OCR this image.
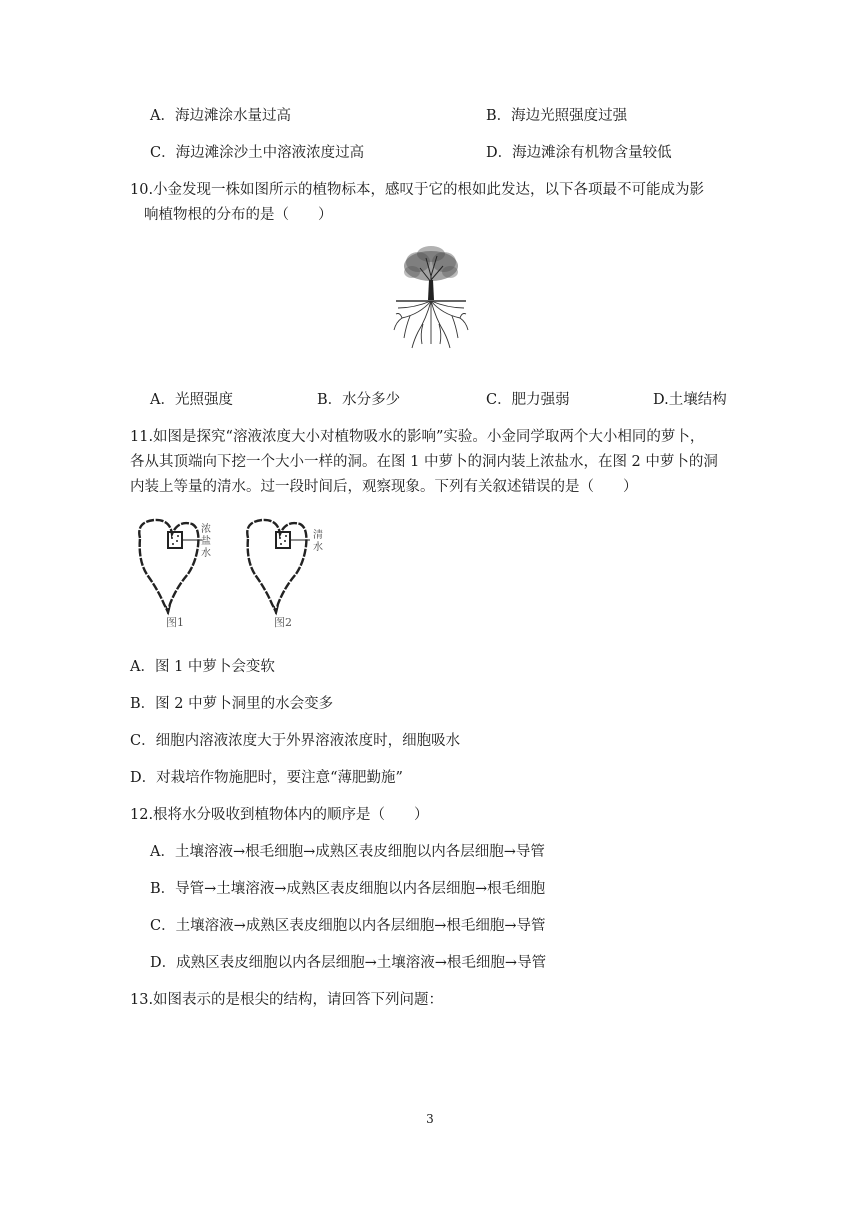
A．海边滩涂水量过高	B．海边光照强度过强
C．海边滩涂沙土中溶液浓度过高	D．海边滩涂有机物含量较低
10.小金发现一株如图所示的植物标本，感叹于它的根如此发达，以下各项最不可能成为影
响植物根的分布的是（　　）
A．光照强度	B．水分多少	C．肥力强弱	D.土壤结构
11.如图是探究“溶液浓度大小对植物吸水的影响”实验。小金同学取两个大小相同的萝卜，
各从其顶端向下挖一个大小一样的洞。在图 1 中萝卜的洞内装上浓盐水，在图 2 中萝卜的洞
内装上等量的清水。过一段时间后，观察现象。下列有关叙述错误的是（　　）
图1
浓盐水
图2
清水
A．图 1 中萝卜会变软
B．图 2 中萝卜洞里的水会变多
C．细胞内溶液浓度大于外界溶液浓度时，细胞吸水
D．对栽培作物施肥时，要注意“薄肥勤施”
12.根将水分吸收到植物体内的顺序是（　　）
A．土壤溶液→根毛细胞→成熟区表皮细胞以内各层细胞→导管
B．导管→土壤溶液→成熟区表皮细胞以内各层细胞→根毛细胞
C．土壤溶液→成熟区表皮细胞以内各层细胞→根毛细胞→导管
D．成熟区表皮细胞以内各层细胞→土壤溶液→根毛细胞→导管
13.如图表示的是根尖的结构，请回答下列问题：
3
